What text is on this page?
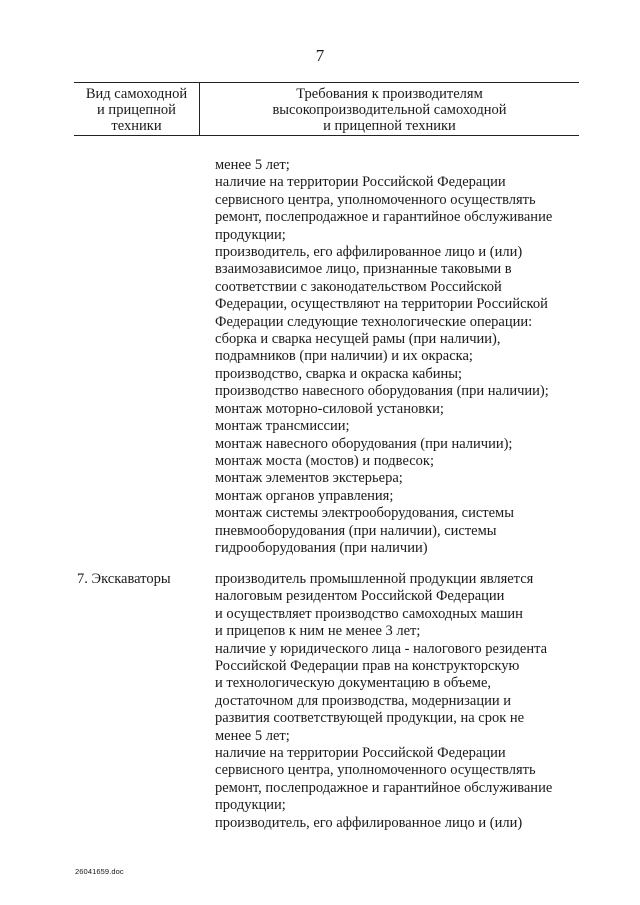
7
Вид самоходной
и прицепной
техники
Требования к производителям
высокопроизводительной самоходной
и прицепной техники
менее 5 лет;
наличие на территории Российской Федерации
сервисного центра, уполномоченного осуществлять
ремонт, послепродажное и гарантийное обслуживание
продукции;
производитель, его аффилированное лицо и (или)
взаимозависимое лицо, признанные таковыми в
соответствии с законодательством Российской
Федерации, осуществляют на территории Российской
Федерации следующие технологические операции:
сборка и сварка несущей рамы (при наличии),
подрамников (при наличии) и их окраска;
производство, сварка и окраска кабины;
производство навесного оборудования (при наличии);
монтаж моторно-силовой установки;
монтаж трансмиссии;
монтаж навесного оборудования (при наличии);
монтаж моста (мостов) и подвесок;
монтаж элементов экстерьера;
монтаж органов управления;
монтаж системы электрооборудования, системы
пневмооборудования (при наличии), системы
гидрооборудования (при наличии)
7. Экскаваторы	производитель промышленной продукции является
налоговым резидентом Российской Федерации
и осуществляет производство самоходных машин
и прицепов к ним не менее 3 лет;
наличие у юридического лица - налогового резидента
Российской Федерации прав на конструкторскую
и технологическую документацию в объеме,
достаточном для производства, модернизации и
развития соответствующей продукции, на срок не
менее 5 лет;
наличие на территории Российской Федерации
сервисного центра, уполномоченного осуществлять
ремонт, послепродажное и гарантийное обслуживание
продукции;
производитель, его аффилированное лицо и (или)
26041659.doc
